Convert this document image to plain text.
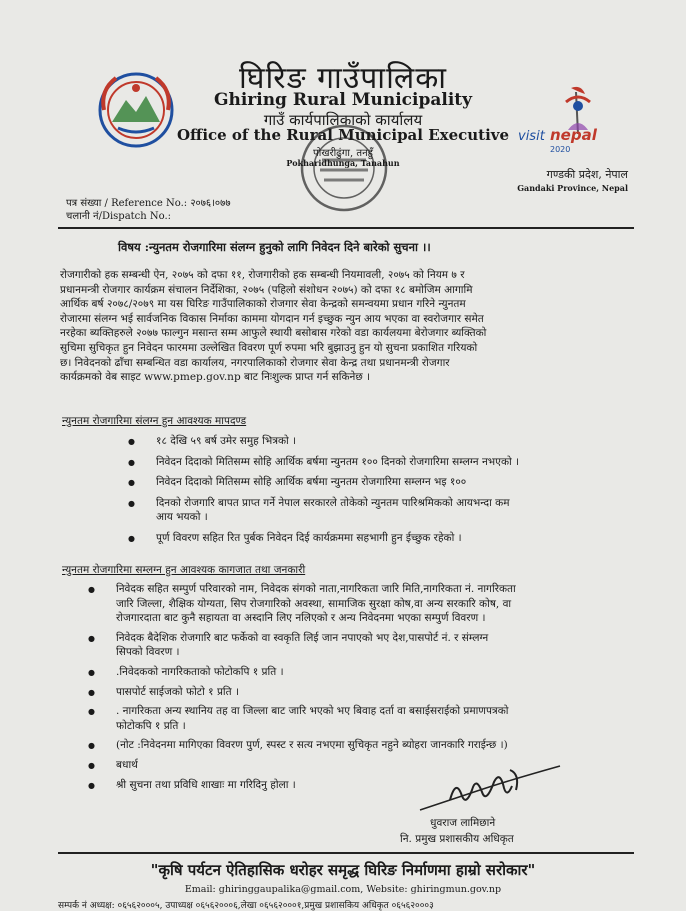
visit nepal
2020
घिरिङ गाउँपालिका
Ghiring Rural Municipality
गाउँ कार्यपालिकाको कार्यालय
Office of the Rural Municipal Executive
पोखरीढुंगा, तनहुँ
Pokharidhunga, Tanahun
गण्डकी प्रदेश, नेपाल
Gandaki Province, Nepal
पत्र संख्या / Reference No.: २०७६।०७७
चलानी नं/Dispatch No.:
विषय :न्युनतम रोजगारिमा संलग्न हुनुको लागि निवेदन दिने बारेको सुचना ।।
रोजगारीको हक सम्बन्धी ऐन, २०७५ को दफा ११, रोजगारीको हक सम्बन्धी नियमावली, २०७५ को नियम ७ र
प्रधानमन्त्री रोजगार कार्यक्रम संचालन निर्देशिका, २०७५ (पहिलो संशोधन २०७५) को दफा १८ बमोजिम आगामि
आर्थिक बर्ष २०७८/२०७९ मा यस घिरिङ गाउँपालिकाको रोजगार सेवा केन्द्रको समन्वयमा प्रधान गरिने न्युनतम
रोजारमा संलग्न भई सार्वजनिक विकास निर्माका काममा योगदान गर्न इच्छुक न्युन आय भएका वा स्वरोजगार समेत
नरहेका ब्यक्तिहरुले २०७७ फाल्गुन मसान्त सम्म आफुले स्थायी बसोबास गरेको वडा कार्यलयमा बेरोजगार ब्यक्तिको
सुचिमा सुचिकृत हुन निवेदन फारममा उल्लेखित विवरण पूर्ण रुपमा भरि बुझाउनु हुन यो सुचना प्रकाशित गरियको
छ। निवेदनको ढाँचा सम्बन्धित वडा कार्यालय, नगरपालिकाको रोजगार सेवा केन्द्र तथा प्रधानमन्त्री रोजगार
कार्यक्रमको वेब साइट www.pmep.gov.np बाट निःशुल्क प्राप्त गर्न सकिनेछ ।
न्युनतम रोजगारिमा संलग्न हुन आवश्यक मापदण्ड
● १८ देखि ५९ बर्ष उमेर समुह भित्रको ।
● निवेदन दिदाको मितिसम्म सोहि आर्थिक बर्षमा न्युनतम १०० दिनको रोजगारिमा सम्लग्न नभएको ।
● निवेदन दिदाको मितिसम्म सोहि आर्थिक बर्षमा न्युनतम रोजगारिमा सम्लग्न भइ १००
● दिनको रोजगारि बापत प्राप्त गर्ने नेपाल सरकारले तोकेको न्युनतम पारिश्रमिकको आयभन्दा कम
आय भयको ।
● पूर्ण विवरण सहित रित पुर्बक निवेदन दिई कार्यक्रममा सहभागी हुन ईच्छुक रहेको ।
न्युनतम रोजगारिमा सम्लग्न हुन आवश्यक कागजात तथा जनकारी
● निवेदक सहित सम्पुर्ण परिवारको नाम, निवेदक संगको नाता,नागरिकता जारि मिति,नागरिकता नं. नागरिकता
जारि जिल्ला, शैक्षिक योग्यता, सिप रोजगारिको अवस्था, सामाजिक सुरक्षा कोष,वा अन्य सरकारि कोष, वा
रोजगारदाता बाट कुनै सहायता वा अस्दानि लिए नलिएको र अन्य निवेदनमा भएका सम्पुर्ण विवरण ।
● निवेदक बैदेशिक रोजगारि बाट फर्केको वा स्वकृति लिई जान नपाएको भए देश,पासपोर्ट नं. र संम्लग्न
सिपको विवरण ।
● .निवेदकको नागरिकताको फोटोकपि १ प्रति ।
● पासपोर्ट साईजको फोटो १ प्रति ।
● . नागरिकता अन्य स्थानिय तह वा जिल्ला बाट जारि भएको भए बिवाह दर्ता वा बसाईसराईको प्रमाणपत्रको
फोटोकपि १ प्रति ।
● (नोट :निवेदनमा मागिएका विवरण पुर्ण, स्पस्ट र सत्य नभएमा सुचिकृत नहुने ब्योहरा जानकारि गराईन्छ ।)
● बधार्थ
● श्री सुचना तथा प्रविधि शाखाः मा गरिदिनु होला ।
धुवराज लामिछाने
नि. प्रमुख प्रशासकीय अधिकृत
"कृषि पर्यटन ऐतिहासिक धरोहर समृद्ध घिरिङ निर्माणमा हाम्रो सरोकार"
Email: ghiringgaupalika@gmail.com, Website: ghiringmun.gov.np
सम्पर्क नं अध्यक्ष: ०६५६२०००५, उपाध्यक्ष ०६५६२०००६,लेखा ०६५६२०००१,प्रमुख प्रशासकिय अधिकृत ०६५६२०००३
